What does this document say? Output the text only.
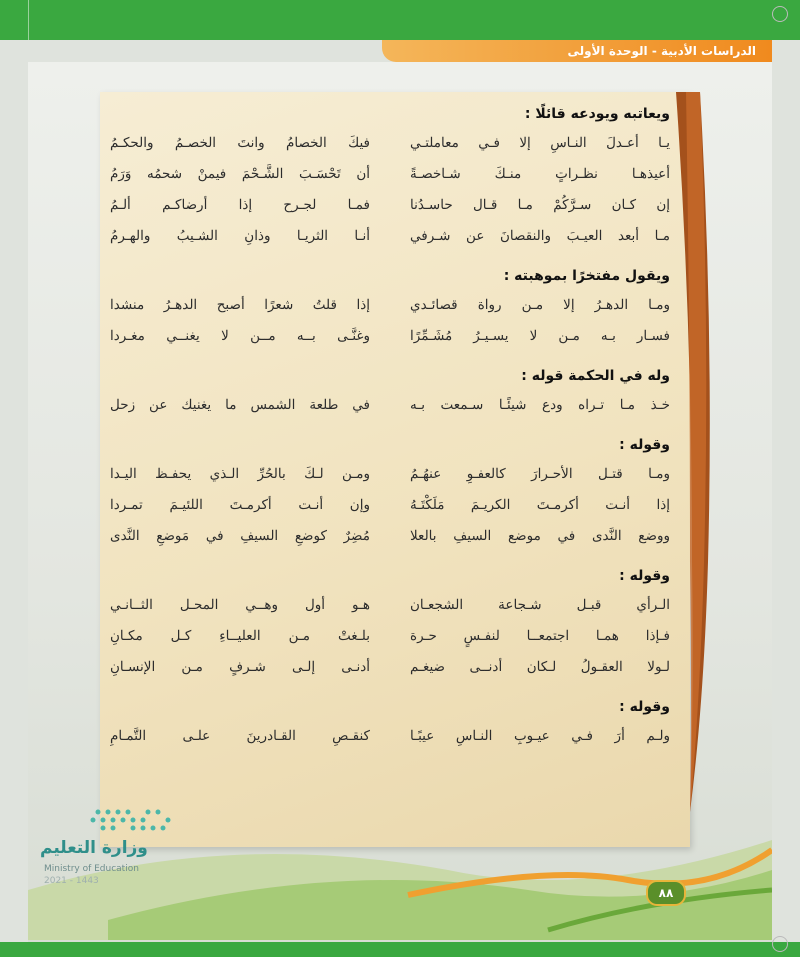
الدراسات الأدبية - الوحدة الأولى
ويعاتبه ويودعه قائلًا :
يـا أعـدلَ النـاسِ إلا فـي معاملتـي
فيكَ الخصامُ وانتَ الخصـمُ والحكـمُ
أعيذهـا نظـراتٍ منـكَ شـاخصـةً
أن تَحْسَـبَ الشَّـحْمَ فيمنْ شحمُه وَرَمُ
إن كـان سـرَّكُمْ مـا قـال حاسـدُنا
فمـا لجـرح إذا أرضاكـم ألـمُ
مـا أبعد العيـبَ والنقصانَ عن شـرفي
أنـا الثريـا وذانِ الشـيبُ والهـرمُ
ويقول مفتخرًا بموهبته :
ومـا الدهـرُ إلا مـن رواة قصائـدي
إذا قلتُ شعرًا أصبح الدهـرُ منشدا
فسـار بـه مـن لا يسـيـرُ مُشَـمِّرًا
وغنَّـى بــه مــن لا يغنــي مغـردا
وله في الحكمة قوله :
خـذ مـا تـراه ودع شيئًـا سـمعت بـه
في طلعة الشمس ما يغنيك عن زحل
وقوله :
ومـا قتـل الأحـرارَ كالعفـوِ عنهُـمُ
ومـن لـكَ بالحُرِّ الـذي يحفـظ اليـدا
إذا أنـت أكرمـتَ الكريـمَ مَلَكْتَـهُ
وإن أنـت أكرمـتَ اللئيـمَ تمـردا
ووضع النَّدى في موضع السيفِ بالعلا
مُضِرٌ كوضعِ السيفِ في مَوضعِ النَّدى
وقوله :
الـرأي قبـل شـجاعة الشجعـان
هـو أول وهــي المحـل الثــانـي
فـإذا همـا اجتمعــا لنفـسٍ حـرة
بلـغتْ مـن العليــاءِ كـل مكـانِ
لـولا العقـولُ لـكان أدنــى ضيغـم
أدنـى إلـى شـرفٍ مـن الإنسـانِ
وقوله :
ولـم أرَ فـي عيـوبِ النـاسِ عيبًـا
كنقـصِ القـادرينَ علـى التَّمـامِ
وزارة التعليم
Ministry of Education
2021 - 1443
٨٨
